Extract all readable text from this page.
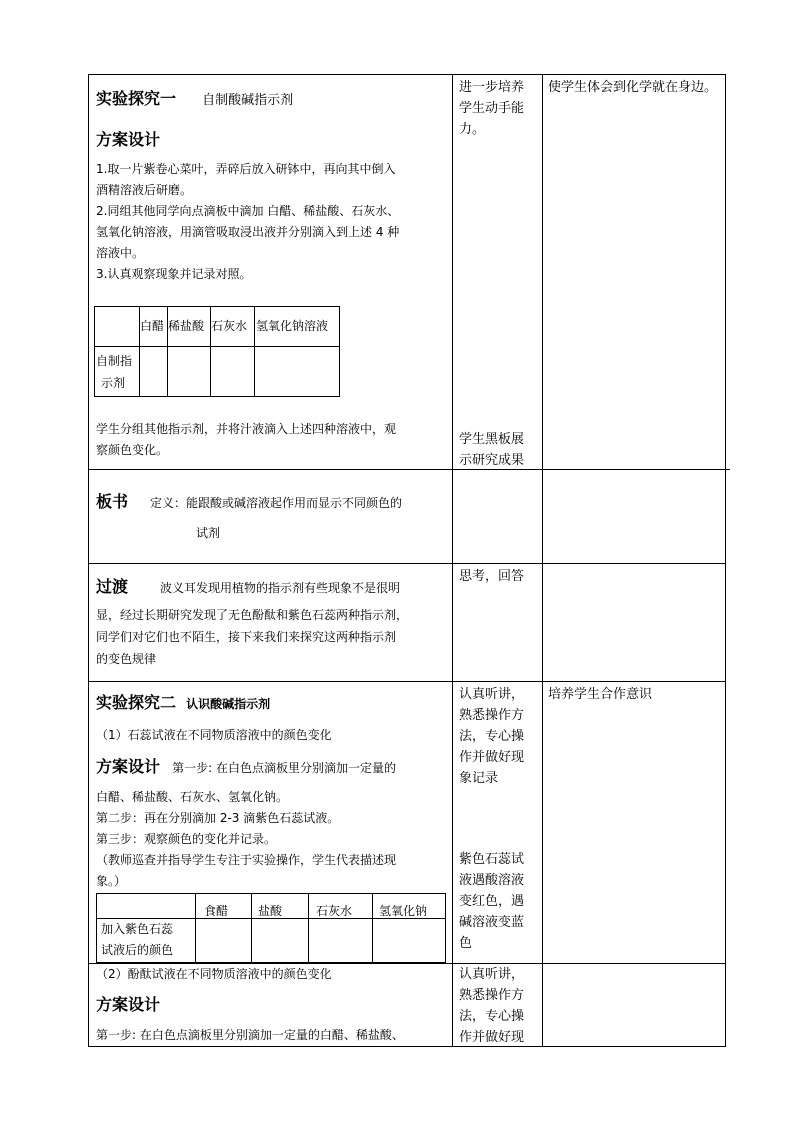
实验探究一 自制酸碱指示剂
方案设计
1.取一片紫卷心菜叶，弄碎后放入研钵中，再向其中倒入
酒精溶液后研磨。
2.同组其他同学向点滴板中滴加 白醋、稀盐酸、石灰水、
氢氧化钠溶液，用滴管吸取浸出液并分别滴入到上述 4 种
溶液中。
3.认真观察现象并记录对照。
白醋 稀盐酸 石灰水 氢氧化钠溶液
自制指
示剂
学生分组其他指示剂，并将汁液滴入上述四种溶液中，观
察颜色变化。
进一步培养
学生动手能
力。
学生黑板展
示研究成果
使学生体会到化学就在身边。
板书 定义：能跟酸或碱溶液起作用而显示不同颜色的
试剂
过渡	波义耳发现用植物的指示剂有些现象不是很明
显，经过长期研究发现了无色酚酞和紫色石蕊两种指示剂，
同学们对它们也不陌生，接下来我们来探究这两种指示剂
的变色规律
思考，回答
实验探究二 认识酸碱指示剂
（1）石蕊试液在不同物质溶液中的颜色变化
方案设计 第一步: 在白色点滴板里分别滴加一定量的
白醋、稀盐酸、石灰水、氢氧化钠。
第二步：再在分别滴加 2-3 滴紫色石蕊试液。
第三步：观察颜色的变化并记录。
（教师巡查并指导学生专注于实验操作，学生代表描述现
象。）
食醋 盐酸	石灰水 氢氧化钠
加入紫色石蕊
试液后的颜色
认真听讲，
熟悉操作方
法，专心操
作并做好现
象记录
紫色石蕊试
液遇酸溶液
变红色，遇
碱溶液变蓝
色
培养学生合作意识
（2）酚酞试液在不同物质溶液中的颜色变化
方案设计
第一步: 在白色点滴板里分别滴加一定量的白醋、稀盐酸、
认真听讲，
熟悉操作方
法，专心操
作并做好现
